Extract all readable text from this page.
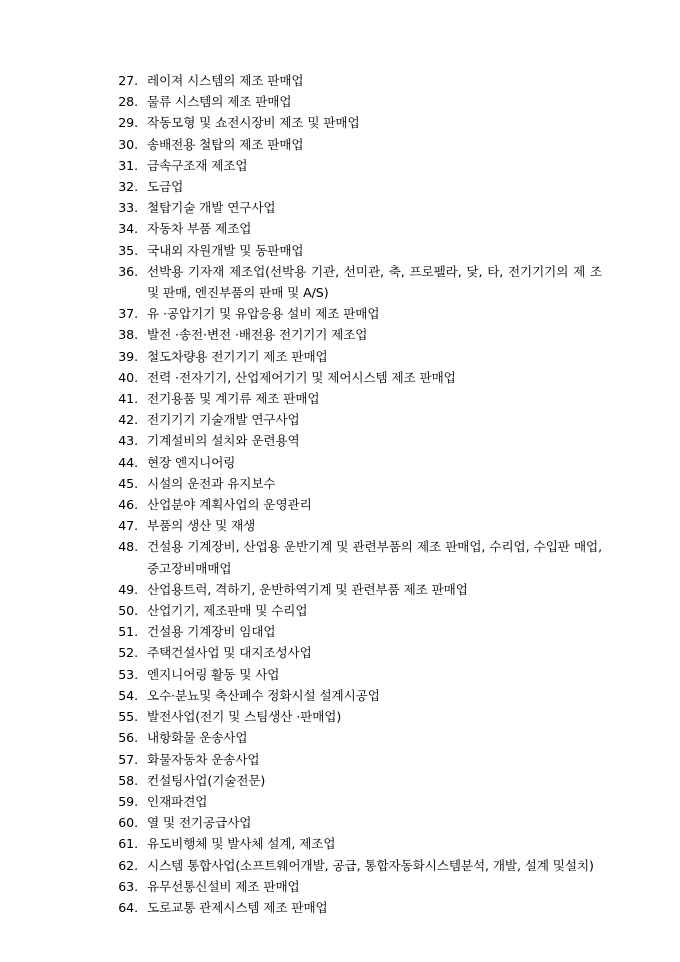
27. 레이져 시스템의 제조 판매업
28. 물류 시스템의 제조 판매업
29. 작동모형 및 쇼전시장비 제조 및 판매업
30. 송배전용 철탑의 제조 판매업
31. 금속구조재 제조업
32. 도금업
33. 철탑기술 개발 연구사업
34. 자동차 부품 제조업
35. 국내외 자원개발 및 동판매업
36. 선박용 기자재 제조업(선박용 기관, 선미관, 축, 프로펠라, 닻, 타, 전기기기의 제 조 및 판매, 엔진부품의 판매 및 A/S)
37. 유 ·공압기기 및 유압응용 설비 제조 판매업
38. 발전 ·송전·변전 ·배전용 전기기기 제조업
39. 철도차량용 전기기기 제조 판매업
40. 전력 ·전자기기, 산업제어기기 및 제어시스템 제조 판매업
41. 전기용품 및 계기류 제조 판매업
42. 전기기기 기술개발 연구사업
43. 기계설비의 설치와 운련용역
44. 현장 엔지니어링
45. 시설의 운전과 유지보수
46. 산업분야 계획사업의 운영관리
47. 부품의 생산 및 재생
48. 건설용 기계장비, 산업용 운반기계 및 관련부품의 제조 판매업, 수리업, 수입판 매업, 중고장비매매업
49. 산업용트럭, 격하기, 운반하역기계 및 관련부품 제조 판매업
50. 산업기기, 제조판매 및 수리업
51. 건설용 기계장비 임대업
52. 주택건설사업 및 대지조성사업
53. 엔지니어링 활동 및 사업
54. 오수·분뇨및 축산폐수 정화시설 설계시공업
55. 발전사업(전기 및 스팀생산 ·판매업)
56. 내항화물 운송사업
57. 화물자동차 운송사업
58. 컨설팅사업(기술전문)
59. 인재파견업
60. 열 및 전기공급사업
61. 유도비행체 및 발사체 설계, 제조업
62. 시스템 통합사업(소프트웨어개발, 공급, 통합자동화시스템분석, 개발, 설계 및설치)
63. 유무선통신설비 제조 판매업
64. 도로교통 관제시스템 제조 판매업
